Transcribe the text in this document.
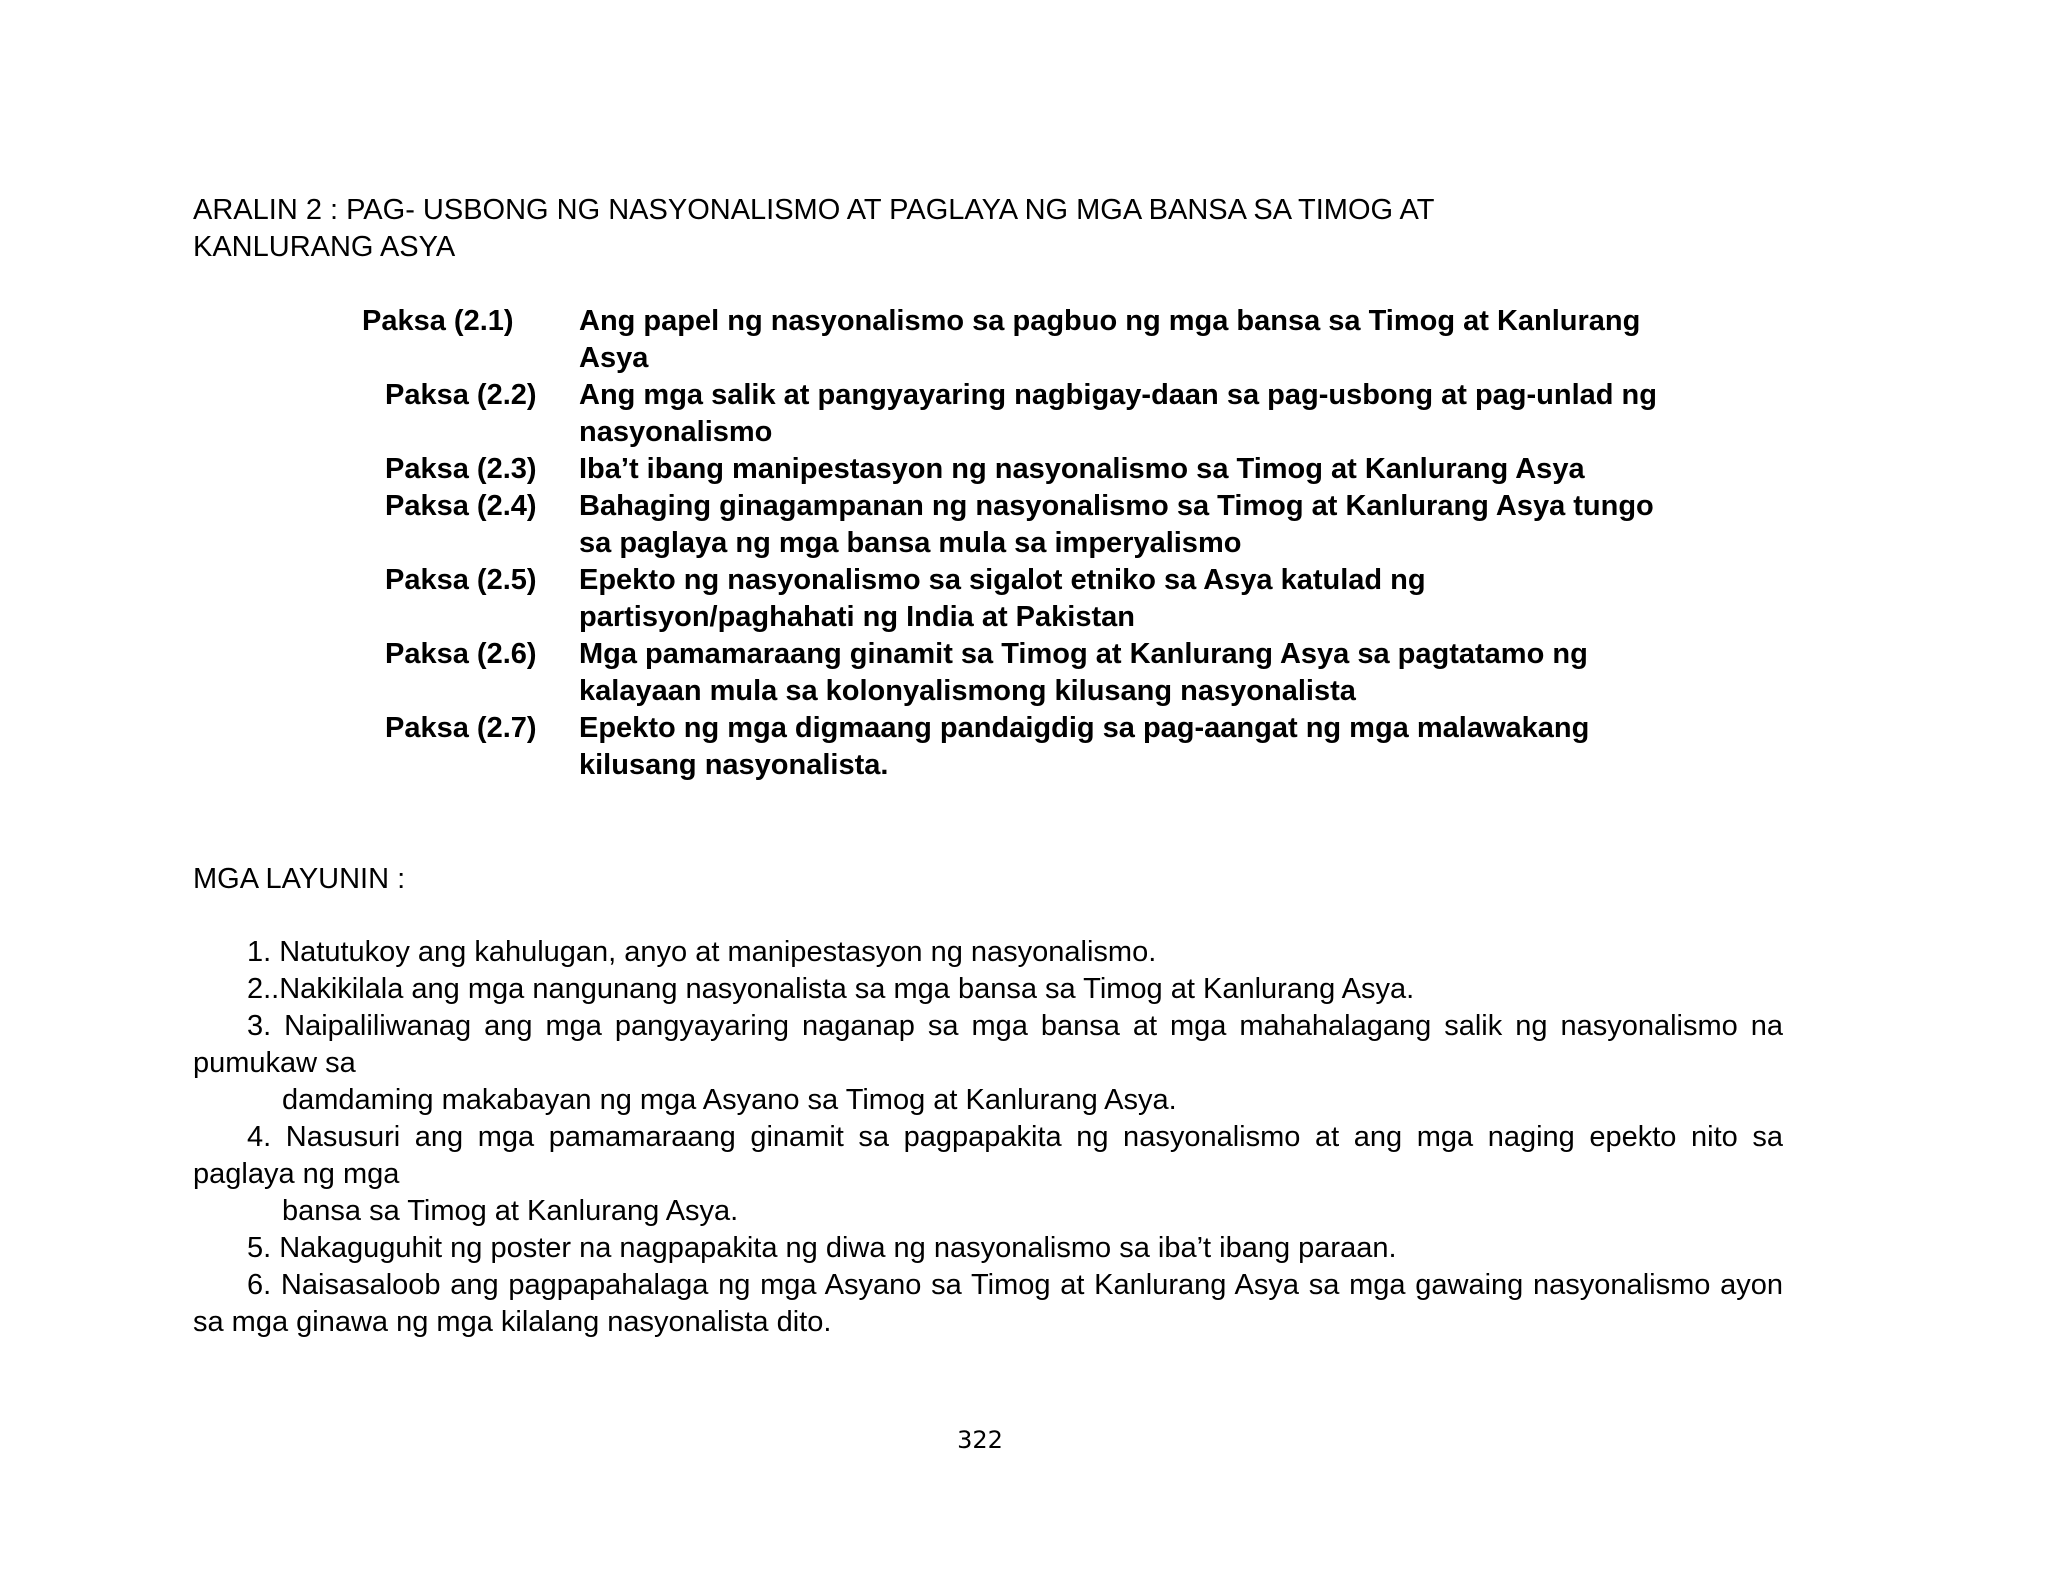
ARALIN 2 : PAG- USBONG NG NASYONALISMO AT PAGLAYA NG MGA BANSA SA TIMOG AT
KANLURANG ASYA
Paksa (2.1)	Ang papel ng nasyonalismo sa pagbuo ng mga bansa sa Timog at Kanlurang
Asya
Paksa (2.2)	Ang mga salik at pangyayaring nagbigay-daan sa pag-usbong at pag-unlad ng
nasyonalismo
Paksa (2.3)	Iba’t ibang manipestasyon ng nasyonalismo sa Timog at Kanlurang Asya
Paksa (2.4)	Bahaging ginagampanan ng nasyonalismo sa Timog at Kanlurang Asya tungo
sa paglaya ng mga bansa mula sa imperyalismo
Paksa (2.5)	Epekto ng nasyonalismo sa sigalot etniko sa Asya katulad ng
partisyon/paghahati ng India at Pakistan
Paksa (2.6) Mga pamamaraang ginamit sa Timog at Kanlurang Asya sa pagtatamo ng
kalayaan mula sa kolonyalismong kilusang nasyonalista
Paksa (2.7) Epekto ng mga digmaang pandaigdig sa pag-aangat ng mga malawakang
kilusang nasyonalista.
MGA LAYUNIN :
1. Natutukoy ang kahulugan, anyo at manipestasyon ng nasyonalismo.
2..Nakikilala ang mga nangunang nasyonalista sa mga bansa sa Timog at Kanlurang Asya.
3. Naipaliliwanag ang mga pangyayaring naganap sa mga bansa at mga mahahalagang salik ng nasyonalismo na pumukaw sa
damdaming makabayan ng mga Asyano sa Timog at Kanlurang Asya.
4. Nasusuri ang mga pamamaraang ginamit sa pagpapakita ng nasyonalismo at ang mga naging epekto nito sa paglaya ng mga
bansa sa Timog at Kanlurang Asya.
5. Nakaguguhit ng poster na nagpapakita ng diwa ng nasyonalismo sa iba’t ibang paraan.
6. Naisasaloob ang pagpapahalaga ng mga Asyano sa Timog at Kanlurang Asya sa mga gawaing nasyonalismo ayon sa mga ginawa ng mga kilalang nasyonalista dito.
322
